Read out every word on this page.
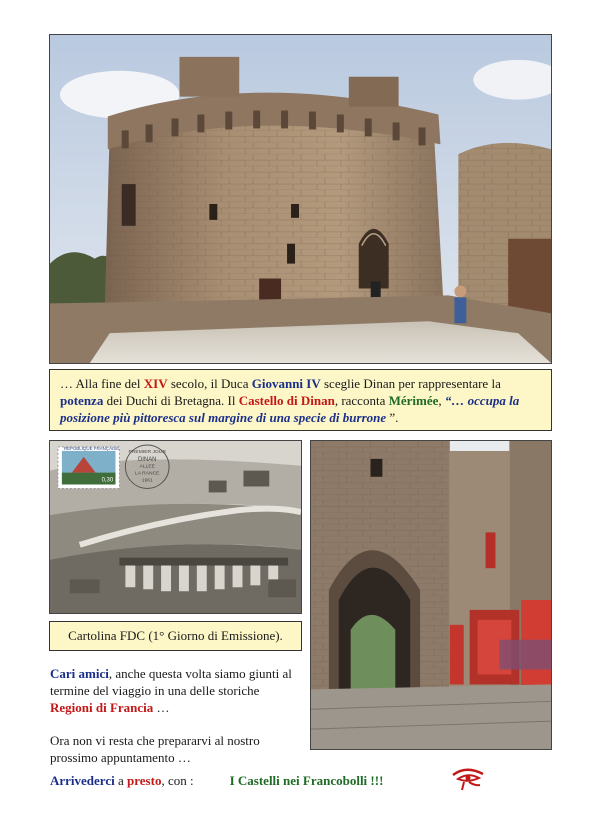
… Alla fine del XIV secolo, il Duca Giovanni IV sceglie Dinan per rappresentare la potenza dei Duchi di Bretagna. Il Castello di Dinan, racconta Mérimée, “… occupa la posizione più pittoresca sul margine di una specie di burrone ”.
REPUBLIQUE FRANÇAISE
0,30
PREMIER JOUR
DINAN
ALLEE
LA RANCE
1961
Cartolina FDC (1° Giorno di Emissione).

Cari amici, anche questa volta siamo giunti al termine del viaggio in una delle storiche Regioni di Francia …

Ora non vi resta che prepararvi al nostro prossimo appuntamento …

Arrivederci a presto, con :	I Castelli nei Francobolli !!!
